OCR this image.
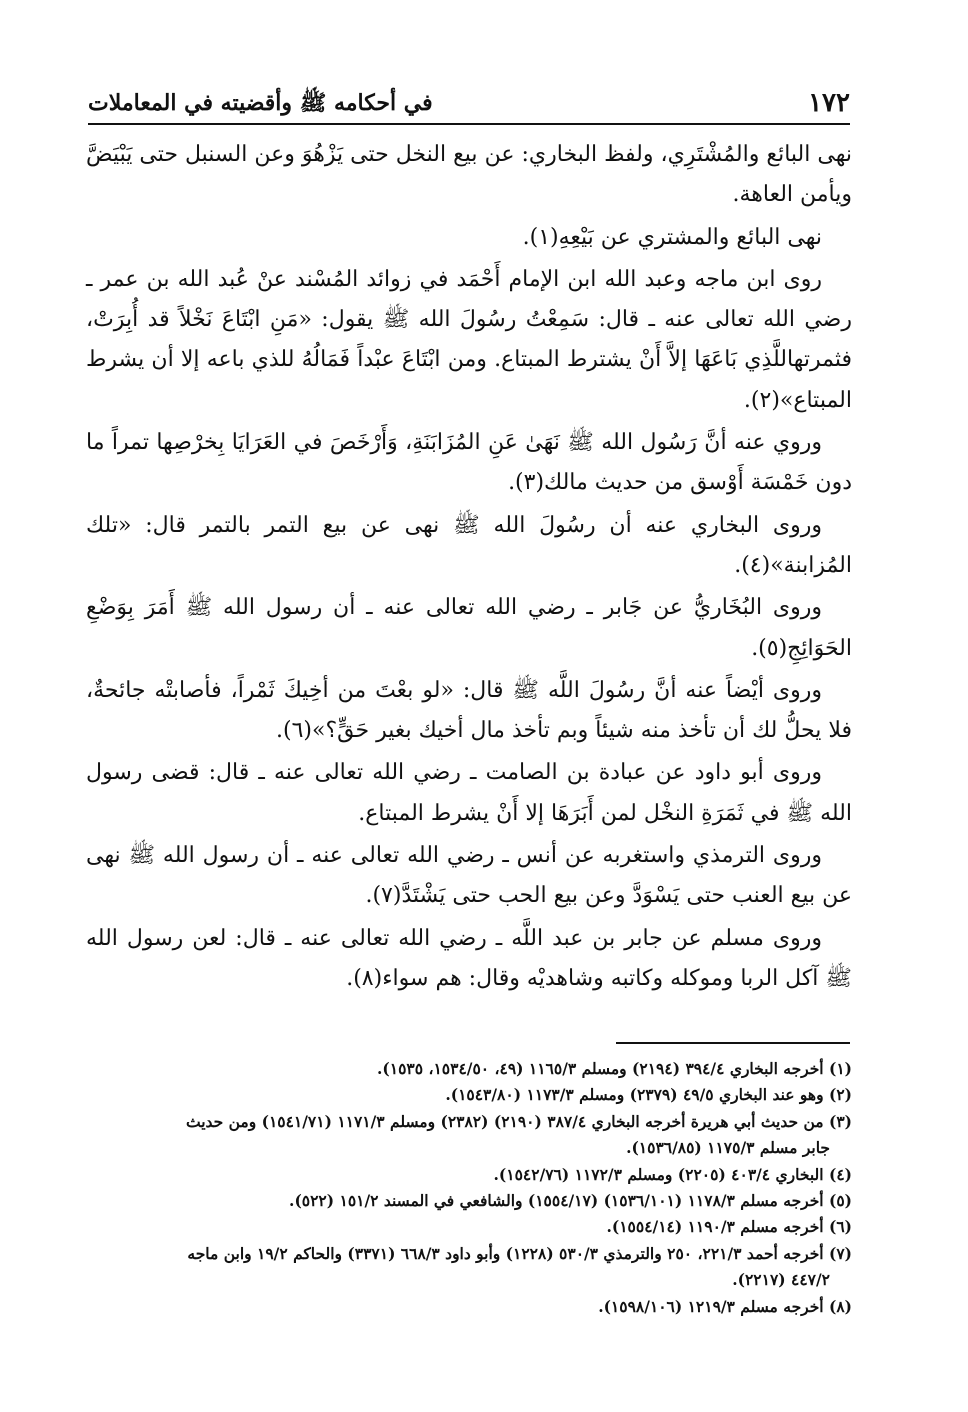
١٧٢
في أحكامه ﷺ وأقضيته في المعاملات

نهى البائع والمُشْتَرِي، ولفظ البخاري: عن بيع النخل حتى يَزْهُوَ وعن السنبل حتى يَبْيَضَّ ويأمن العاهة.

نهى البائع والمشتري عن بَيْعِهِ(١).

روى ابن ماجه وعبد الله ابن الإمام أَحْمَد في زوائد المُسْند عنْ عُبد الله بن عمر ـ رضي الله تعالى عنه ـ قال: سَمِعْتُ رسُولَ الله ﷺ يقول: «مَنِ ابْتَاعَ نَخْلاً قد أُبِرَتْ، فثمرتهاللَّذِي بَاعَهَا إلاَّ أَنْ يشترط المبتاع. ومن ابْتَاعَ عبْداً فَمَالُهُ للذي باعه إلا أن يشرط المبتاع»(٢).

وروي عنه أنَّ رَسُول الله ﷺ نَهَىٰ عَنِ المُزَابَنَةِ، وَأَرْخَصَ في العَرَايَا بِخرْصِها تمراً ما دون خَمْسَة أَوْسق من حديث مالك(٣).

وروى البخاري عنه أن رسُولَ الله ﷺ نهى عن بيع التمر بالتمر قال: «تلك المُزابنة»(٤).

وروى البُخَاريُّ عن جَابر ـ رضي الله تعالى عنه ـ أن رسول الله ﷺ أَمَرَ بِوَضْعِ الحَوَائِجِ(٥).

وروى أيْضاً عنه أنَّ رسُولَ اللَّه ﷺ قال: «لو بعْتَ من أخِيكَ ثَمْراً، فأصابتْه جائحةٌ، فلا يحلُّ لك أن تأخذ منه شيئاً وبم تأخذ مال أخيك بغير حَقٍّ؟»(٦).

وروى أبو داود عن عبادة بن الصامت ـ رضي الله تعالى عنه ـ قال: قضى رسول الله ﷺ في ثَمَرَةِ النخْل لمن أَبَرَهَا إلا أَنْ يشرط المبتاع.

وروى الترمذي واستغربه عن أنس ـ رضي الله تعالى عنه ـ أن رسول الله ﷺ نهى عن بيع العنب حتى يَسْوَدَّ وعن بيع الحب حتى يَشْتَدَّ(٧).

وروى مسلم عن جابر بن عبد اللَّه ـ رضي الله تعالى عنه ـ قال: لعن رسول الله ﷺ آكل الربا وموكله وكاتبه وشاهديْه وقال: هم سواء(٨).

(١) أخرجه البخاري ٣٩٤/٤ (٢١٩٤) ومسلم ١١٦٥/٣ (٤٩، ١٥٣٤/٥٠، ١٥٣٥).
(٢) وهو عند البخاري ٤٩/٥ (٢٣٧٩) ومسلم ١١٧٣/٣ (١٥٤٣/٨٠).
(٣) من حديث أبي هريرة أخرجه البخاري ٣٨٧/٤ (٢١٩٠) (٢٣٨٢) ومسلم ١١٧١/٣ (١٥٤١/٧١) ومن حديث
جابر مسلم ١١٧٥/٣ (١٥٣٦/٨٥).
(٤) البخاري ٤٠٣/٤ (٢٢٠٥) ومسلم ١١٧٢/٣ (١٥٤٢/٧٦).
(٥) أخرجه مسلم ١١٧٨/٣ (١٥٣٦/١٠١) (١٥٥٤/١٧) والشافعي في المسند ١٥١/٢ (٥٢٢).
(٦) أخرجه مسلم ١١٩٠/٣ (١٥٥٤/١٤).
(٧) أخرجه أحمد ٢٢١/٣، ٢٥٠ والترمذي ٥٣٠/٣ (١٢٢٨) وأبو داود ٦٦٨/٣ (٣٣٧١) والحاكم ١٩/٢ وابن ماجه
٤٤٧/٢ (٢٢١٧).
(٨) أخرجه مسلم ١٢١٩/٣ (١٥٩٨/١٠٦).
